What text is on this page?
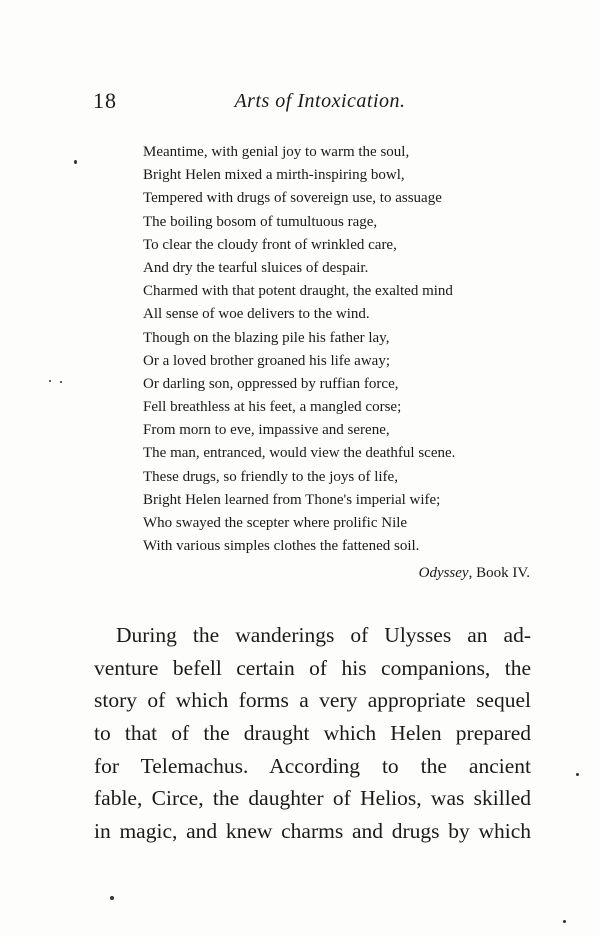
18	Arts of Intoxication.
Meantime, with genial joy to warm the soul,
Bright Helen mixed a mirth-inspiring bowl,
Tempered with drugs of sovereign use, to assuage
The boiling bosom of tumultuous rage,
To clear the cloudy front of wrinkled care,
And dry the tearful sluices of despair.
Charmed with that potent draught, the exalted mind
All sense of woe delivers to the wind.
Though on the blazing pile his father lay,
Or a loved brother groaned his life away;
Or darling son, oppressed by ruffian force,
Fell breathless at his feet, a mangled corse;
From morn to eve, impassive and serene,
The man, entranced, would view the deathful scene.
These drugs, so friendly to the joys of life,
Bright Helen learned from Thone's imperial wife;
Who swayed the scepter where prolific Nile
With various simples clothes the fattened soil.
Odyssey, Book IV.
During the wanderings of Ulysses an ad-
venture befell certain of his companions, the
story of which forms a very appropriate sequel
to that of the draught which Helen prepared
for Telemachus. According to the ancient
fable, Circe, the daughter of Helios, was skilled
in magic, and knew charms and drugs by which
